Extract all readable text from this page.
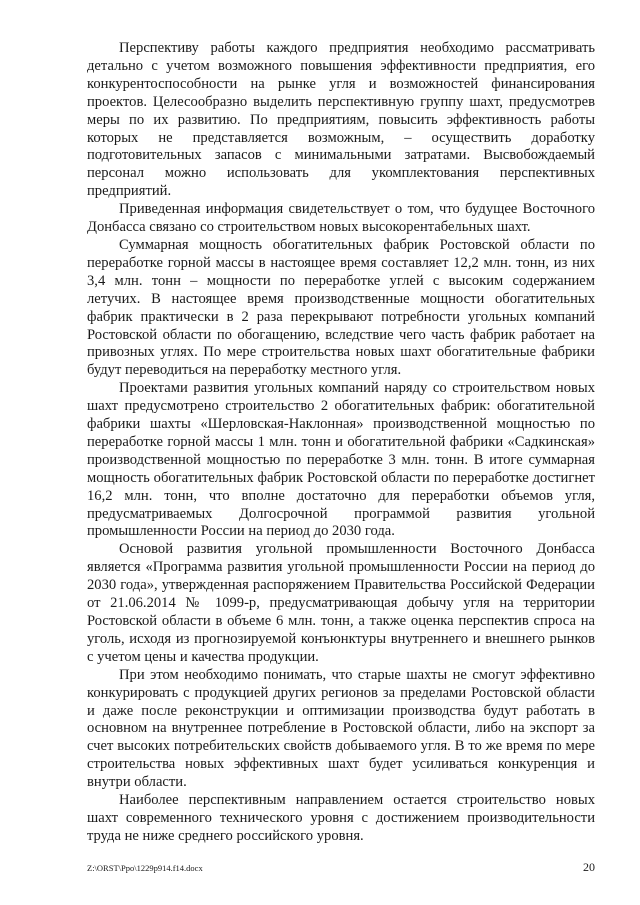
Перспективу работы каждого предприятия необходимо рассматривать детально с учетом возможного повышения эффективности предприятия, его конкурентоспособности на рынке угля и возможностей финансирования проектов. Целесообразно выделить перспективную группу шахт, предусмотрев меры по их развитию. По предприятиям, повысить эффективность работы которых не представляется возможным, – осуществить доработку подготовительных запасов с минимальными затратами. Высвобождаемый персонал можно использовать для укомплектования перспективных предприятий.

Приведенная информация свидетельствует о том, что будущее Восточного Донбасса связано со строительством новых высокорентабельных шахт.

Суммарная мощность обогатительных фабрик Ростовской области по переработке горной массы в настоящее время составляет 12,2 млн. тонн, из них 3,4 млн. тонн – мощности по переработке углей с высоким содержанием летучих. В настоящее время производственные мощности обогатительных фабрик практически в 2 раза перекрывают потребности угольных компаний Ростовской области по обогащению, вследствие чего часть фабрик работает на привозных углях. По мере строительства новых шахт обогатительные фабрики будут переводиться на переработку местного угля.

Проектами развития угольных компаний наряду со строительством новых шахт предусмотрено строительство 2 обогатительных фабрик: обогатительной фабрики шахты «Шерловская-Наклонная» производственной мощностью по переработке горной массы 1 млн. тонн и обогатительной фабрики «Садкинская» производственной мощностью по переработке 3 млн. тонн. В итоге суммарная мощность обогатительных фабрик Ростовской области по переработке достигнет 16,2 млн. тонн, что вполне достаточно для переработки объемов угля, предусматриваемых Долгосрочной программой развития угольной промышленности России на период до 2030 года.

Основой развития угольной промышленности Восточного Донбасса является «Программа развития угольной промышленности России на период до 2030 года», утвержденная распоряжением Правительства Российской Федерации от 21.06.2014 № 1099-р, предусматривающая добычу угля на территории Ростовской области в объеме 6 млн. тонн, а также оценка перспектив спроса на уголь, исходя из прогнозируемой конъюнктуры внутреннего и внешнего рынков с учетом цены и качества продукции.

При этом необходимо понимать, что старые шахты не смогут эффективно конкурировать с продукцией других регионов за пределами Ростовской области и даже после реконструкции и оптимизации производства будут работать в основном на внутреннее потребление в Ростовской области, либо на экспорт за счет высоких потребительских свойств добываемого угля. В то же время по мере строительства новых эффективных шахт будет усиливаться конкуренция и внутри области.

Наиболее перспективным направлением остается строительство новых шахт современного технического уровня с достижением производительности труда не ниже среднего российского уровня.

Z:\ORST\Ppo\1229p914.f14.docx	20
